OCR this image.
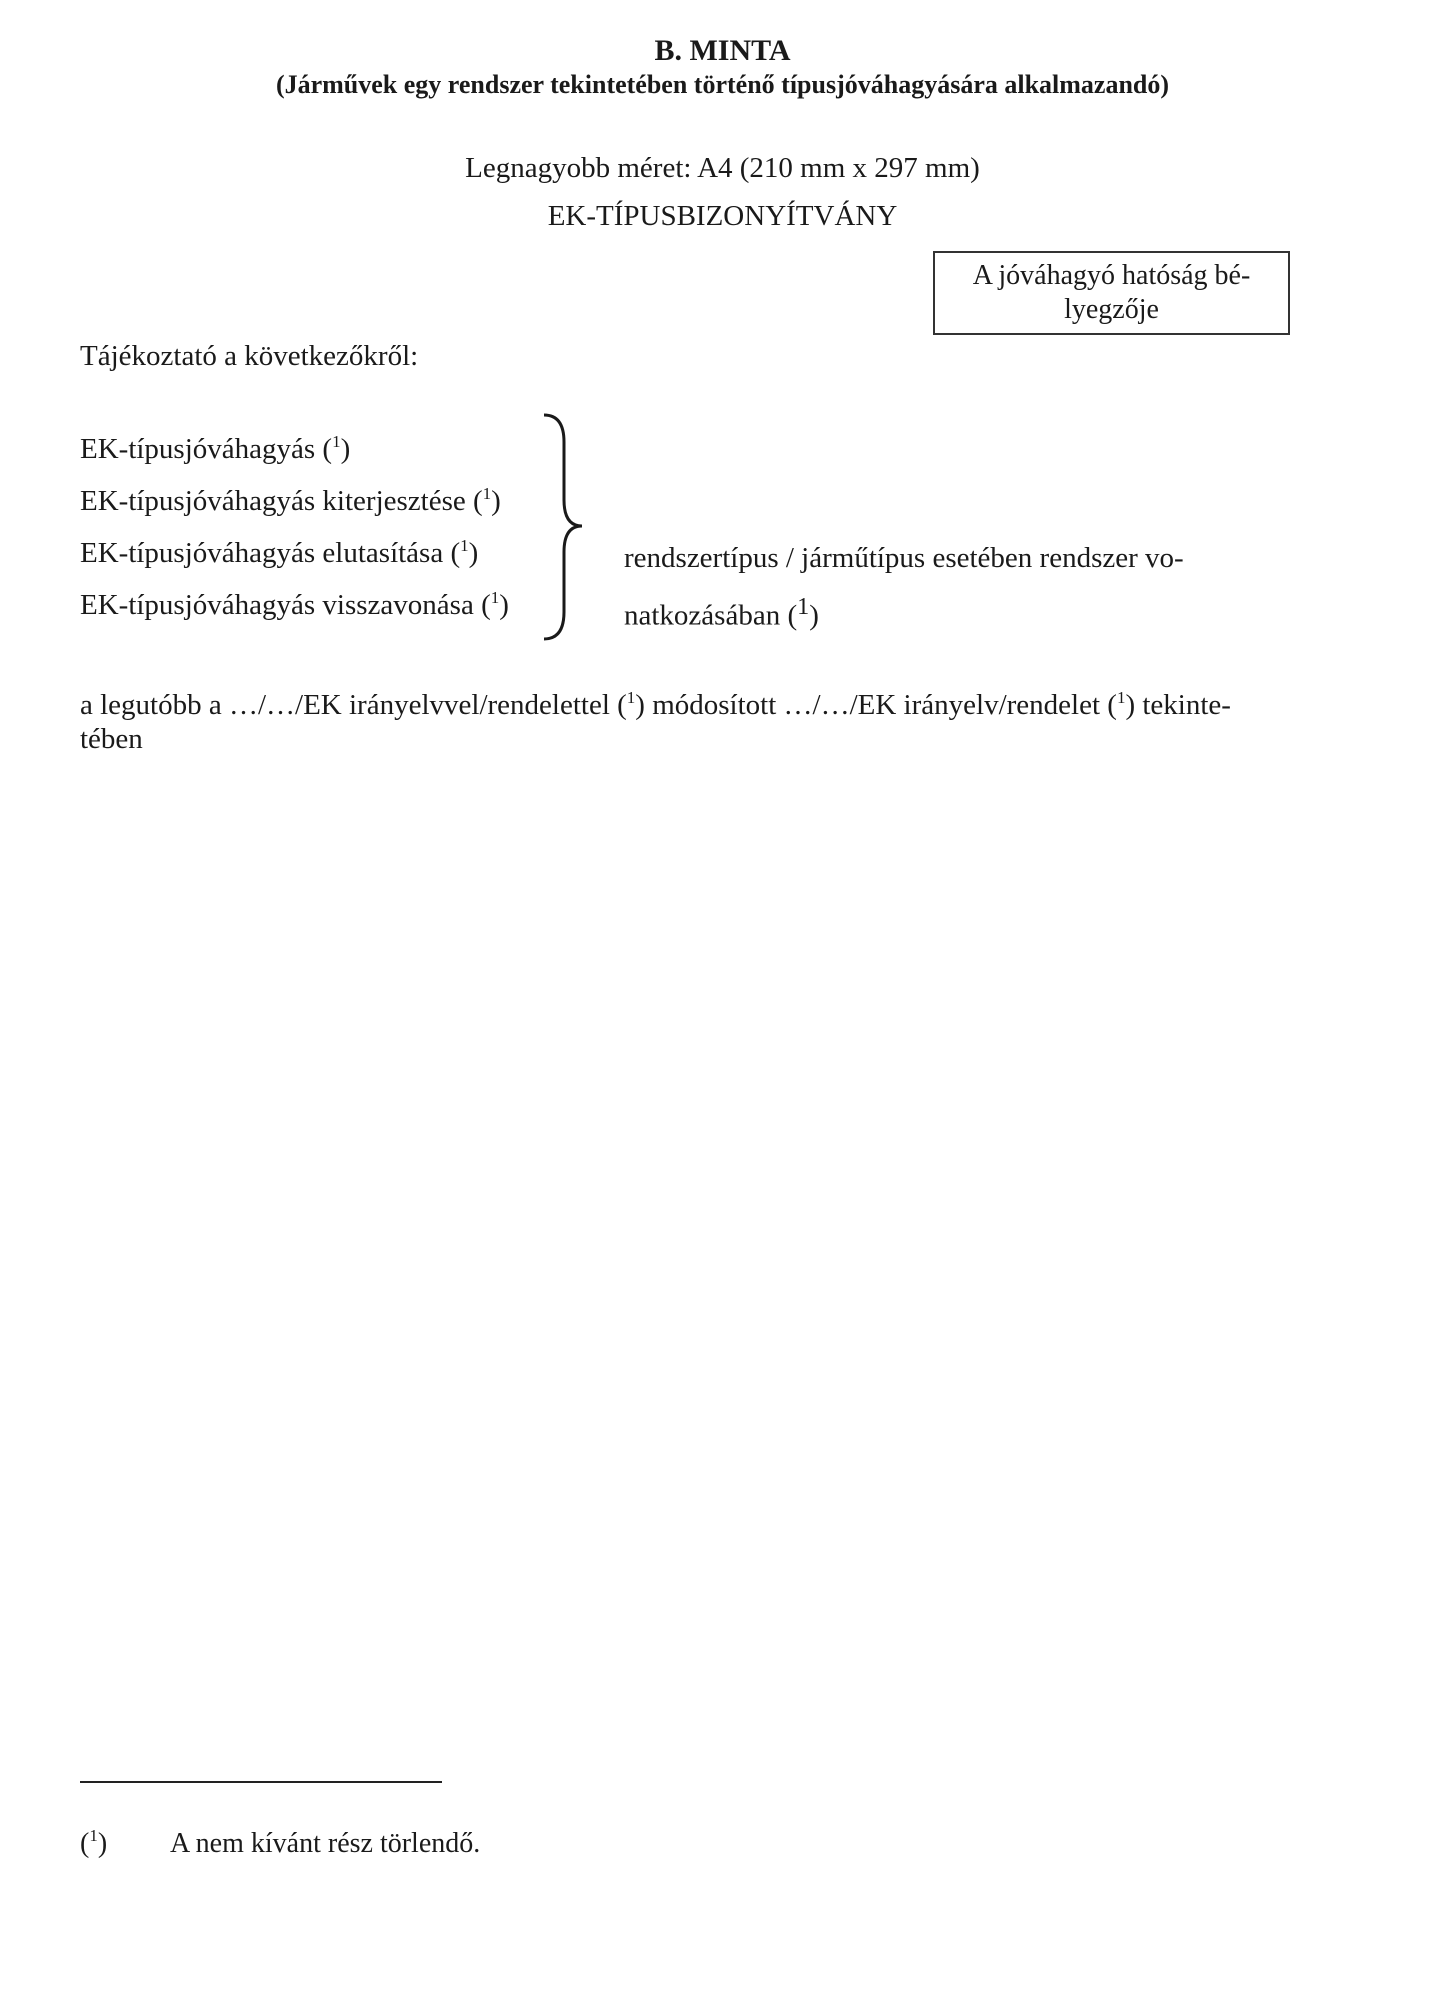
B. MINTA
(Járművek egy rendszer tekintetében történő típusjóváhagyására alkalmazandó)
Legnagyobb méret: A4 (210 mm x 297 mm)
EK-TÍPUSBIZONYÍTVÁNY
A jóváhagyó hatóság bé-
lyegzője
Tájékoztató a következőkről:
EK-típusjóváhagyás ($^1$)
EK-típusjóváhagyás kiterjesztése ($^1$)
EK-típusjóváhagyás elutasítása ($^1$)
EK-típusjóváhagyás visszavonása ($^1$)
rendszertípus / járműtípus esetében rendszer vo-
natkozásában ($^1$)
a legutóbb a …/…/EK irányelvvel/rendelettel ($^1$) módosított …/…/EK irányelv/rendelet ($^1$) tekinte-
tében
($^1$) A nem kívánt rész törlendő.
